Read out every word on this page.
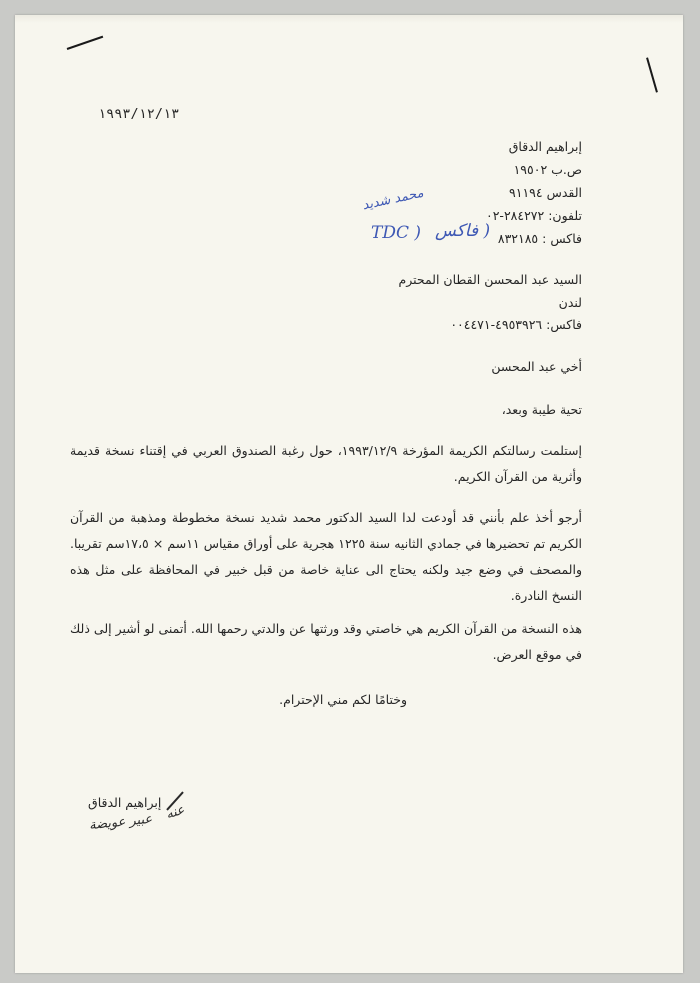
١٩٩٣/١٢/١٣
إبراهيم الدقاق
ص.ب ١٩٥٠٢
القدس ٩١١٩٤
تلفون: ٢٨٤٢٧٢-٠٢
فاكس : ٨٣٢١٨٥
محمد شديد
( فاكس
TDC )
السيد عبد المحسن القطان المحترم
لندن
فاكس: ٤٩٥٣٩٢٦-٠٠٤٤٧١
أخي عبد المحسن
تحية طيبة وبعد،
إستلمت رسالتكم الكريمة المؤرخة ١٩٩٣/١٢/٩، حول رغبة الصندوق العربي في إقتناء نسخة قديمة وأثرية من القرآن الكريم.
أرجو أخذ علم بأنني قد أودعت لدا السيد الدكتور محمد شديد نسخة مخطوطة ومذهبة من القرآن الكريم تم تحضيرها في جمادي الثانيه سنة ١٢٢٥ هجرية على أوراق مقياس ١١سم × ١٧،٥سم تقريبا. والمصحف في وضع جيد ولكنه يحتاج الى عناية خاصة من قبل خبير في المحافظة على مثل هذه النسخ النادرة.
هذه النسخة من القرآن الكريم هي خاصتي وقد ورثتها عن والدتي رحمها الله. أتمنى لو أشير إلى ذلك في موقع العرض.
وختامًا لكم مني الإحترام.
إبراهيم الدقاق عنه
عبير عويضة
